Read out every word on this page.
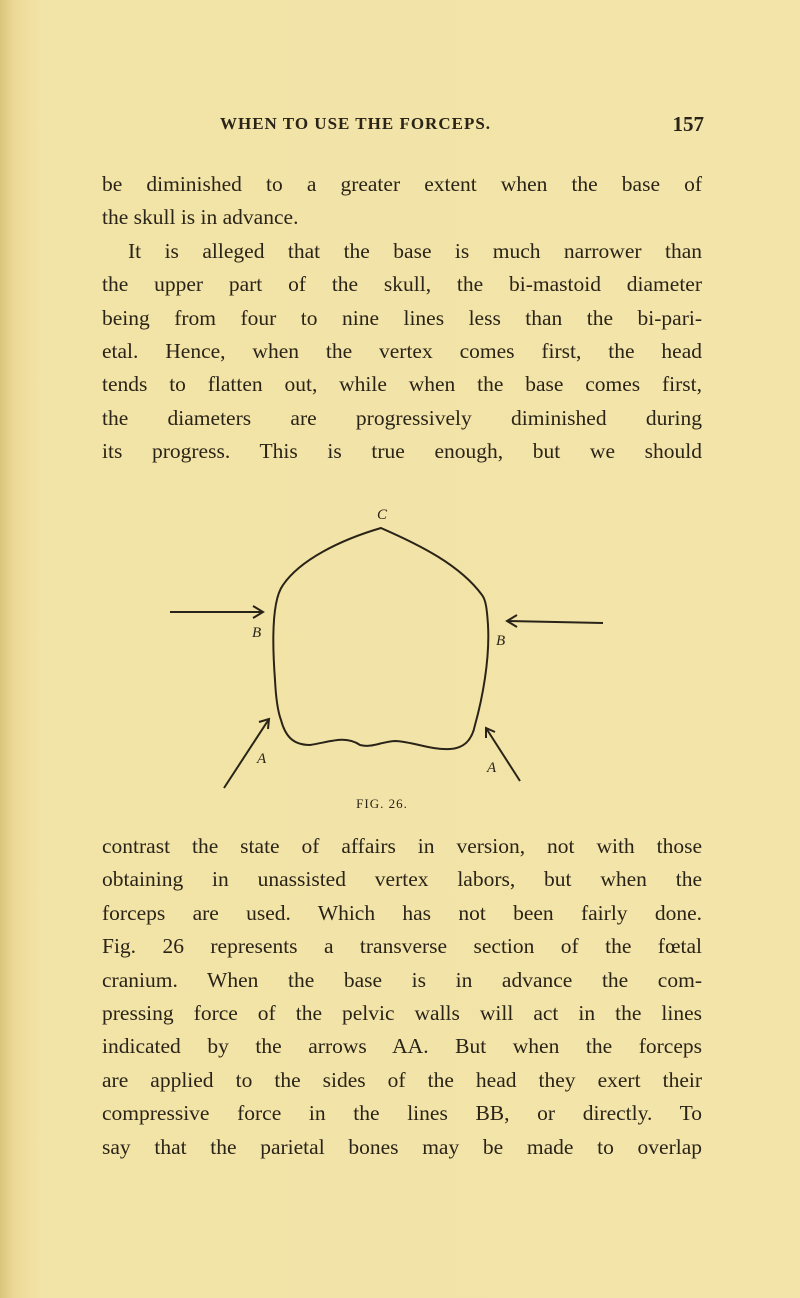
WHEN TO USE THE FORCEPS.	157
be diminished to a greater extent when the base of
the skull is in advance.
It is alleged that the base is much narrower than
the upper part of the skull, the bi-mastoid diameter
being from four to nine lines less than the bi-pari-
etal. Hence, when the vertex comes first, the head
tends to flatten out, while when the base comes first,
the diameters are progressively diminished during
its progress. This is true enough, but we should
C
B	B
A
A
FIG. 26.
contrast the state of affairs in version, not with those
obtaining in unassisted vertex labors, but when the
forceps are used. Which has not been fairly done.
Fig. 26 represents a transverse section of the fœtal
cranium. When the base is in advance the com-
pressing force of the pelvic walls will act in the lines
indicated by the arrows AA. But when the forceps
are applied to the sides of the head they exert their
compressive force in the lines BB, or directly. To
say that the parietal bones may be made to overlap
